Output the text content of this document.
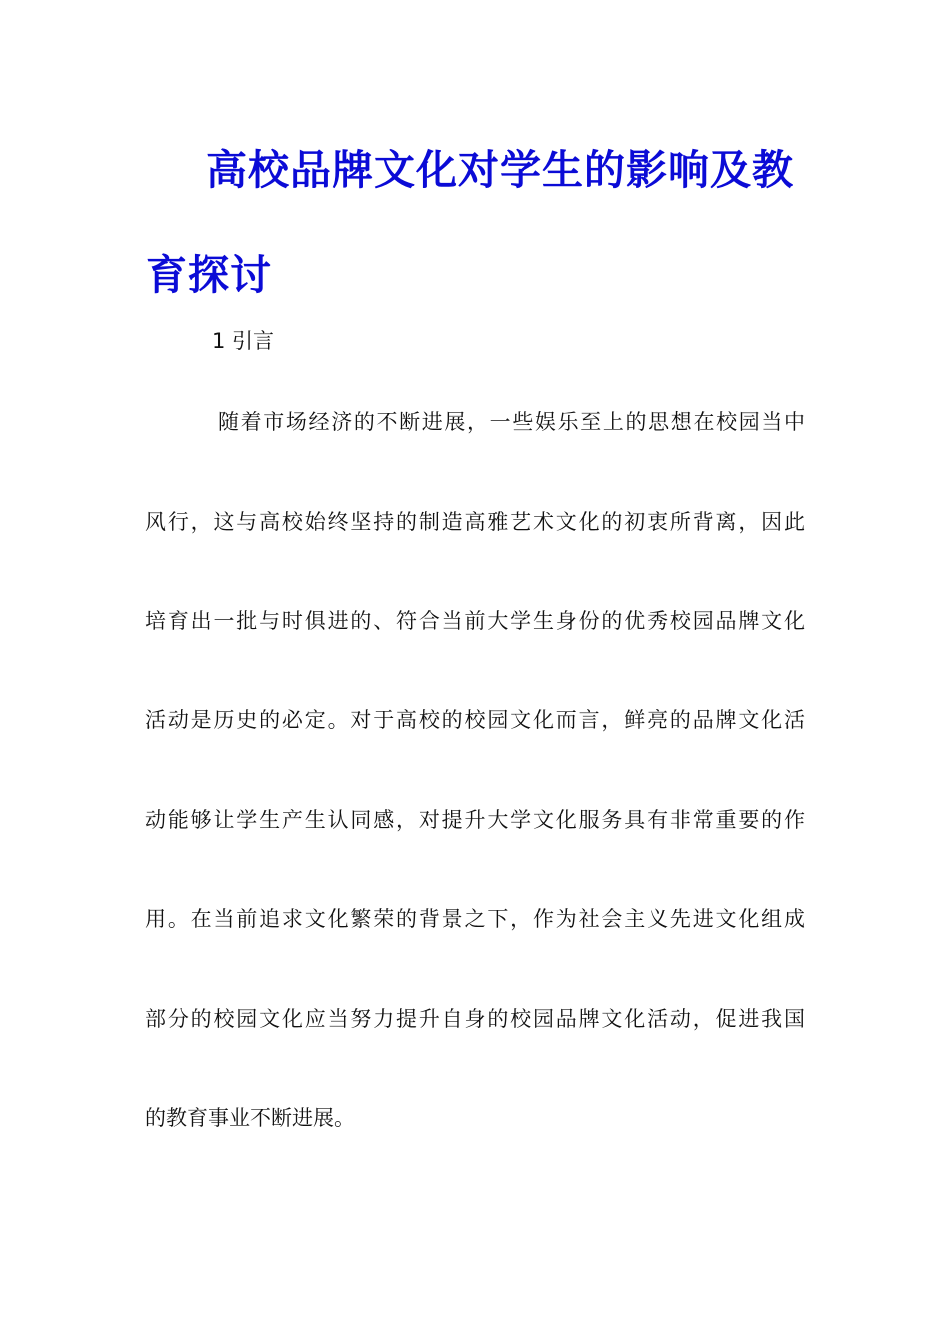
高校品牌文化对学生的影响及教育探讨

1 引言

随着市场经济的不断进展，一些娱乐至上的思想在校园当中

风行，这与高校始终坚持的制造高雅艺术文化的初衷所背离，因此

培育出一批与时俱进的、符合当前大学生身份的优秀校园品牌文化

活动是历史的必定。对于高校的校园文化而言，鲜亮的品牌文化活

动能够让学生产生认同感，对提升大学文化服务具有非常重要的作

用。在当前追求文化繁荣的背景之下，作为社会主义先进文化组成

部分的校园文化应当努力提升自身的校园品牌文化活动，促进我国

的教育事业不断进展。
